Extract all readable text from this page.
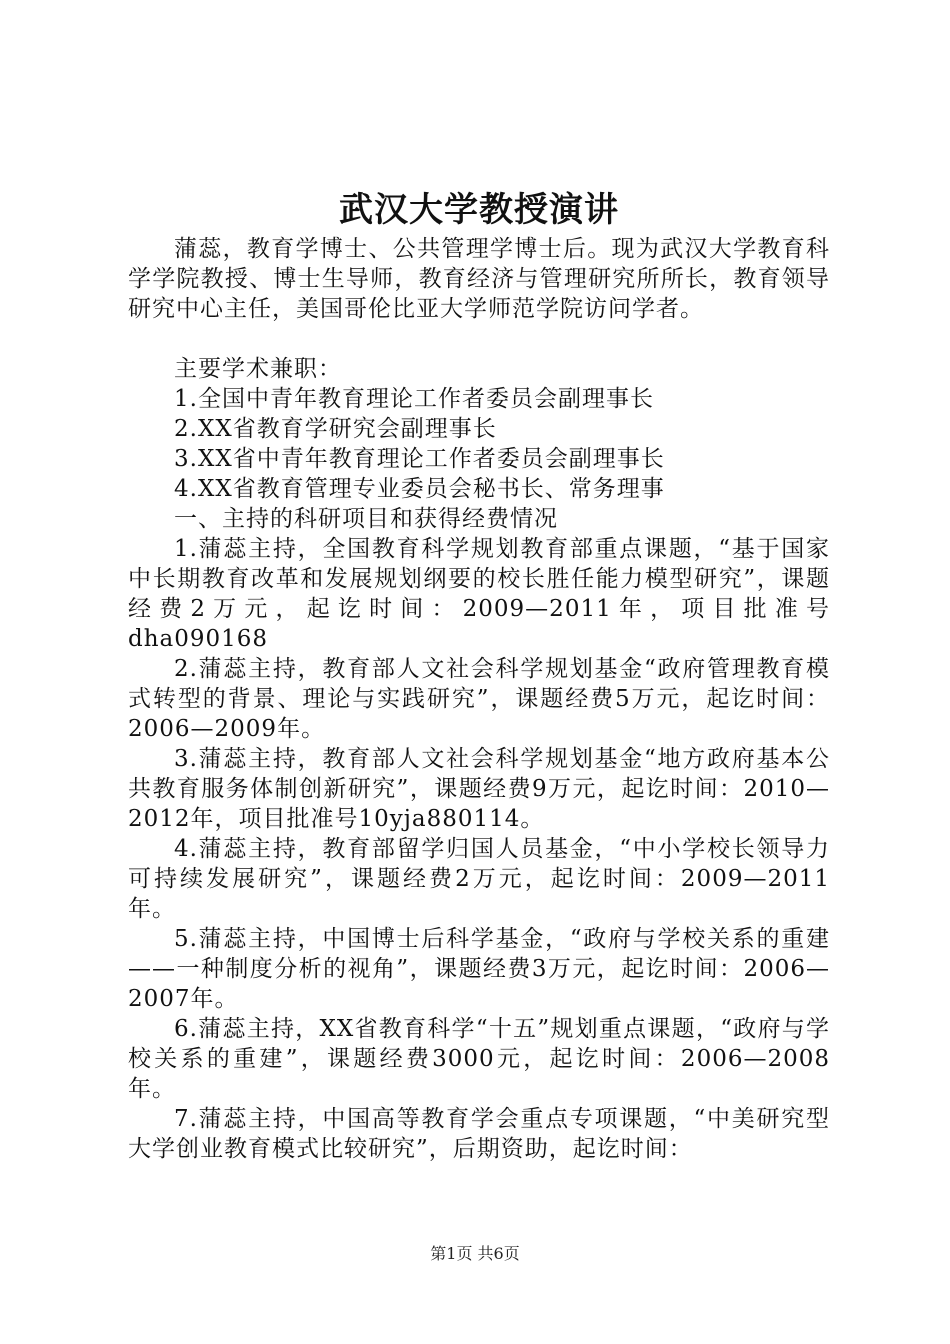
武汉大学教授演讲

蒲蕊，教育学博士、公共管理学博士后。现为武汉大学教育科学学院教授、博士生导师，教育经济与管理研究所所长，教育领导研究中心主任，美国哥伦比亚大学师范学院访问学者。

主要学术兼职：

1.全国中青年教育理论工作者委员会副理事长

2.XX省教育学研究会副理事长

3.XX省中青年教育理论工作者委员会副理事长

4.XX省教育管理专业委员会秘书长、常务理事

一、主持的科研项目和获得经费情况

1.蒲蕊主持，全国教育科学规划教育部重点课题，“基于国家中长期教育改革和发展规划纲要的校长胜任能力模型研究”，课题经费2万元，起讫时间：2009—2011年，项目批准号dha090168

2.蒲蕊主持，教育部人文社会科学规划基金“政府管理教育模式转型的背景、理论与实践研究”，课题经费5万元，起讫时间：2006—2009年。

3.蒲蕊主持，教育部人文社会科学规划基金“地方政府基本公共教育服务体制创新研究”，课题经费9万元，起讫时间：2010—2012年，项目批准号10yja880114。

4.蒲蕊主持，教育部留学归国人员基金，“中小学校长领导力可持续发展研究”，课题经费2万元，起讫时间：2009—2011年。

5.蒲蕊主持，中国博士后科学基金，“政府与学校关系的重建——一种制度分析的视角”，课题经费3万元，起讫时间：2006—2007年。

6.蒲蕊主持，XX省教育科学“十五”规划重点课题，“政府与学校关系的重建”，课题经费3000元，起讫时间：2006—2008年。

7.蒲蕊主持，中国高等教育学会重点专项课题，“中美研究型大学创业教育模式比较研究”，后期资助，起讫时间：

第1页 共6页
